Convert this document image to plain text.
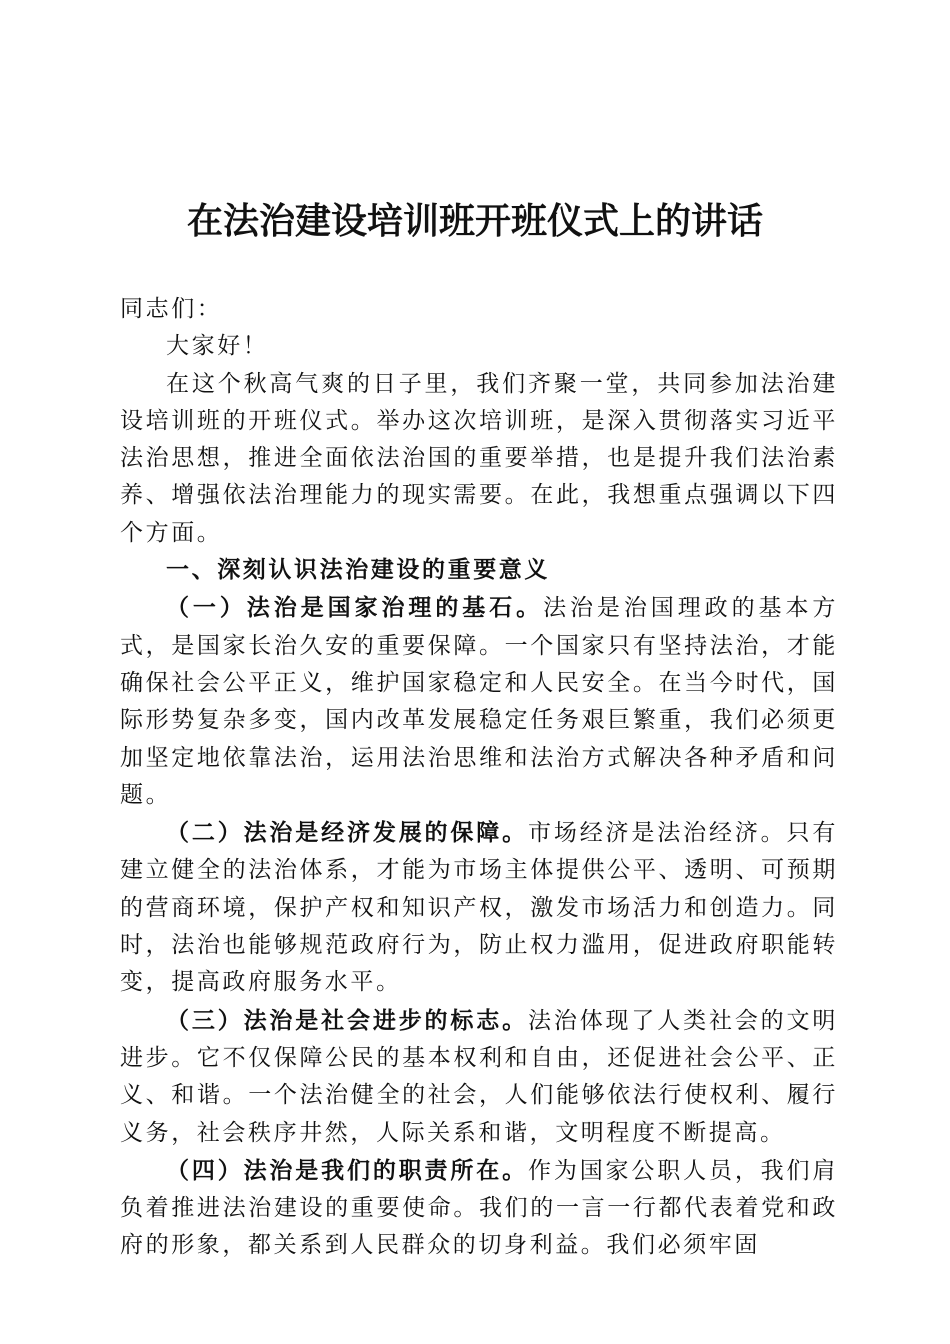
在法治建设培训班开班仪式上的讲话

同志们：

大家好！

在这个秋高气爽的日子里，我们齐聚一堂，共同参加法治建设培训班的开班仪式。举办这次培训班，是深入贯彻落实习近平法治思想，推进全面依法治国的重要举措，也是提升我们法治素养、增强依法治理能力的现实需要。在此，我想重点强调以下四个方面。

一、深刻认识法治建设的重要意义

（一）法治是国家治理的基石。法治是治国理政的基本方式，是国家长治久安的重要保障。一个国家只有坚持法治，才能确保社会公平正义，维护国家稳定和人民安全。在当今时代，国际形势复杂多变，国内改革发展稳定任务艰巨繁重，我们必须更加坚定地依靠法治，运用法治思维和法治方式解决各种矛盾和问题。

（二）法治是经济发展的保障。市场经济是法治经济。只有建立健全的法治体系，才能为市场主体提供公平、透明、可预期的营商环境，保护产权和知识产权，激发市场活力和创造力。同时，法治也能够规范政府行为，防止权力滥用，促进政府职能转变，提高政府服务水平。

（三）法治是社会进步的标志。法治体现了人类社会的文明进步。它不仅保障公民的基本权利和自由，还促进社会公平、正义、和谐。一个法治健全的社会，人们能够依法行使权利、履行义务，社会秩序井然，人际关系和谐，文明程度不断提高。

（四）法治是我们的职责所在。作为国家公职人员，我们肩负着推进法治建设的重要使命。我们的一言一行都代表着党和政府的形象，都关系到人民群众的切身利益。我们必须牢固
